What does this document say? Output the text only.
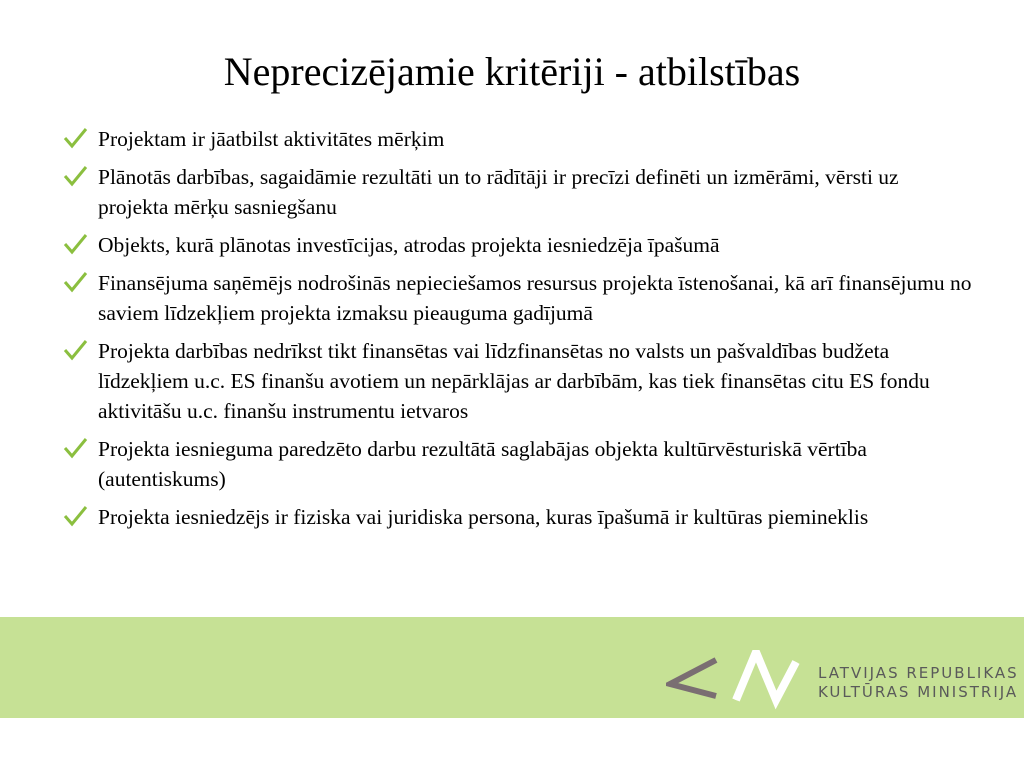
Neprecizējamie kritēriji - atbilstības
Projektam ir jāatbilst aktivitātes mērķim
Plānotās darbības, sagaidāmie rezultāti un to rādītāji ir precīzi definēti un izmērāmi, vērsti uz projekta mērķu sasniegšanu
Objekts, kurā plānotas investīcijas, atrodas projekta iesniedzēja īpašumā
Finansējuma saņēmējs nodrošinās nepieciešamos resursus projekta īstenošanai, kā arī finansējumu no saviem līdzekļiem projekta izmaksu pieauguma gadījumā
Projekta darbības nedrīkst tikt finansētas vai līdzfinansētas no valsts un pašvaldības budžeta līdzekļiem u.c. ES finanšu avotiem un nepārklājas ar darbībām, kas tiek finansētas citu ES fondu aktivitāšu u.c. finanšu instrumentu ietvaros
Projekta iesnieguma paredzēto darbu rezultātā saglabājas objekta kultūrvēsturiskā vērtība (autentiskums)
Projekta iesniedzējs ir fiziska vai juridiska persona, kuras īpašumā ir kultūras piemineklis
LATVIJAS REPUBLIKAS
KULTŪRAS MINISTRIJA
